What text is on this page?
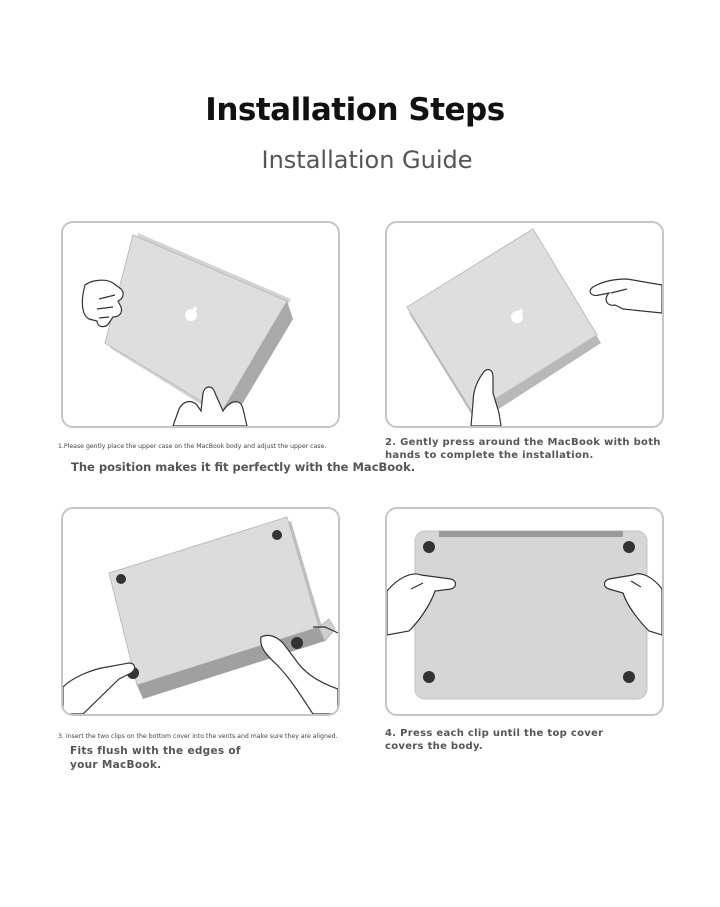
Installation Steps
Installation Guide
1.Please gently place the upper case on the MacBook body and adjust the upper case.
The position makes it fit perfectly with the MacBook.
2. Gently press around the MacBook with both hands to complete the installation.
3. Insert the two clips on the bottom cover into the vents and make sure they are aligned.
Fits flush with the edges of your MacBook.
4. Press each clip until the top cover covers the body.
